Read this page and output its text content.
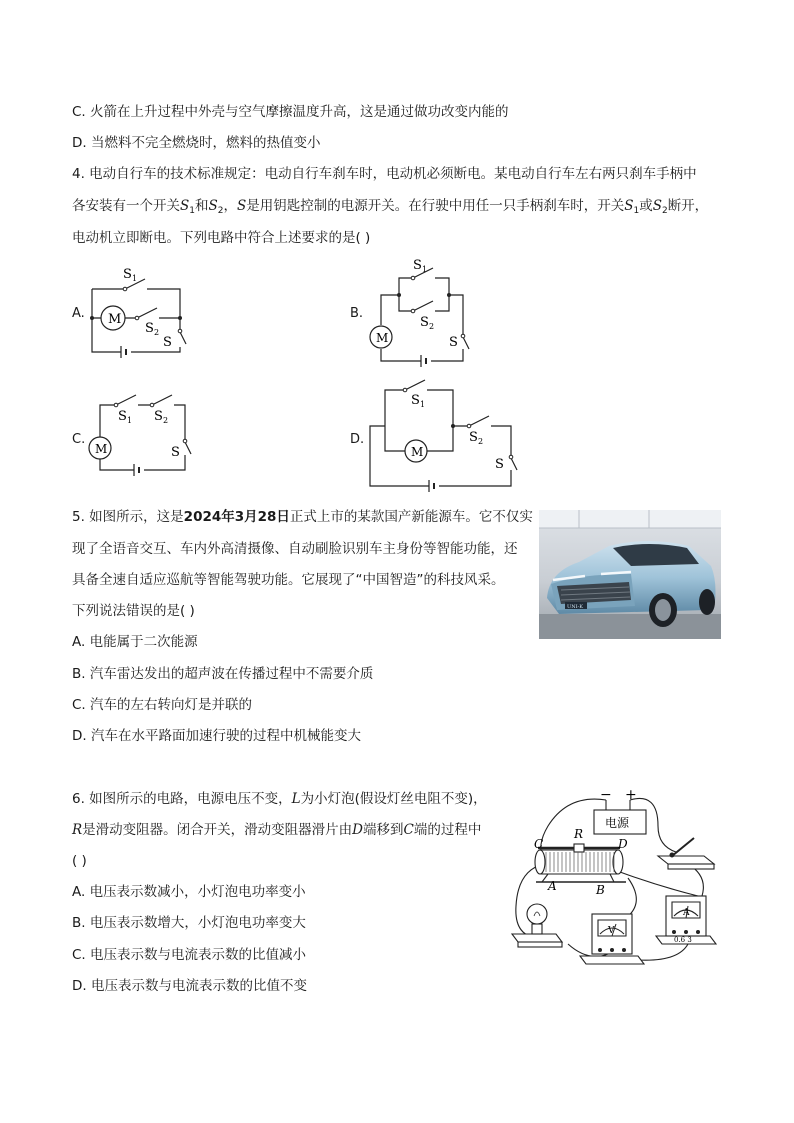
C. 火箭在上升过程中外壳与空气摩擦温度升高，这是通过做功改变内能的
D. 当燃料不完全燃烧时，燃料的热值变小
4. 电动自行车的技术标准规定：电动自行车刹车时，电动机必须断电。某电动自行车左右两只刹车手柄中
各安装有一个开关$S_1$和$S_2$，S是用钥匙控制的电源开关。在行驶中用任一只手柄刹车时，开关$S_1$或$S_2$断开，
电动机立即断电。下列电路中符合上述要求的是( )
A. M
S 1
S 2
S
B.
M
S 1
S 2
S
C.
M
S 1 S 2
S
D.
M
S 1
S 2
S
5. 如图所示，这是2024年3月28日正式上市的某款国产新能源车。它不仅实
现了全语音交互、车内外高清摄像、自动刷脸识别车主身份等智能功能，还
具备全速自适应巡航等智能驾驶功能。它展现了“中国智造”的科技风采。
下列说法错误的是( )
A. 电能属于二次能源
B. 汽车雷达发出的超声波在传播过程中不需要介质
C. 汽车的左右转向灯是并联的
D. 汽车在水平路面加速行驶的过程中机械能变大
UNI-K
6. 如图所示的电路，电源电压不变，L为小灯泡(假设灯丝电阻不变)，
R是滑动变阻器。闭合开关，滑动变阻器滑片由D端移到C端的过程中
( )
A. 电压表示数减小，小灯泡电功率变小
B. 电压表示数增大，小灯泡电功率变大
C. 电压表示数与电流表示数的比值减小
D. 电压表示数与电流表示数的比值不变
− +
电源
C
R
D
A	B
V
A
0.6 3
